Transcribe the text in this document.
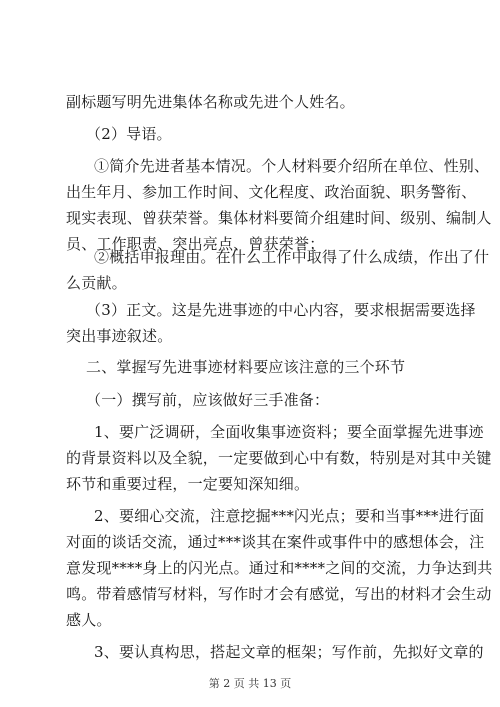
副标题写明先进集体名称或先进个人姓名。
（2）导语。
①简介先进者基本情况。个人材料要介绍所在单位、性别、
出生年月、参加工作时间、文化程度、政治面貌、职务警衔、
现实表现、曾获荣誉。集体材料要简介组建时间、级别、编制人
员、工作职责、突出亮点、曾获荣誉；
②概括申报理由。在什么工作中取得了什么成绩，作出了什
么贡献。
（3）正文。这是先进事迹的中心内容，要求根据需要选择
突出事迹叙述。
二、掌握写先进事迹材料要应该注意的三个环节
（一）撰写前，应该做好三手准备：
1、要广泛调研，全面收集事迹资料；要全面掌握先进事迹
的背景资料以及全貌，一定要做到心中有数，特别是对其中关键
环节和重要过程，一定要知深知细。
2、要细心交流，注意挖掘***闪光点；要和当事***进行面
对面的谈话交流，通过***谈其在案件或事件中的感想体会，注
意发现****身上的闪光点。通过和****之间的交流，力争达到共
鸣。带着感情写材料，写作时才会有感觉，写出的材料才会生动
感人。
3、要认真构思，搭起文章的框架；写作前，先拟好文章的
第 2 页 共 13 页
